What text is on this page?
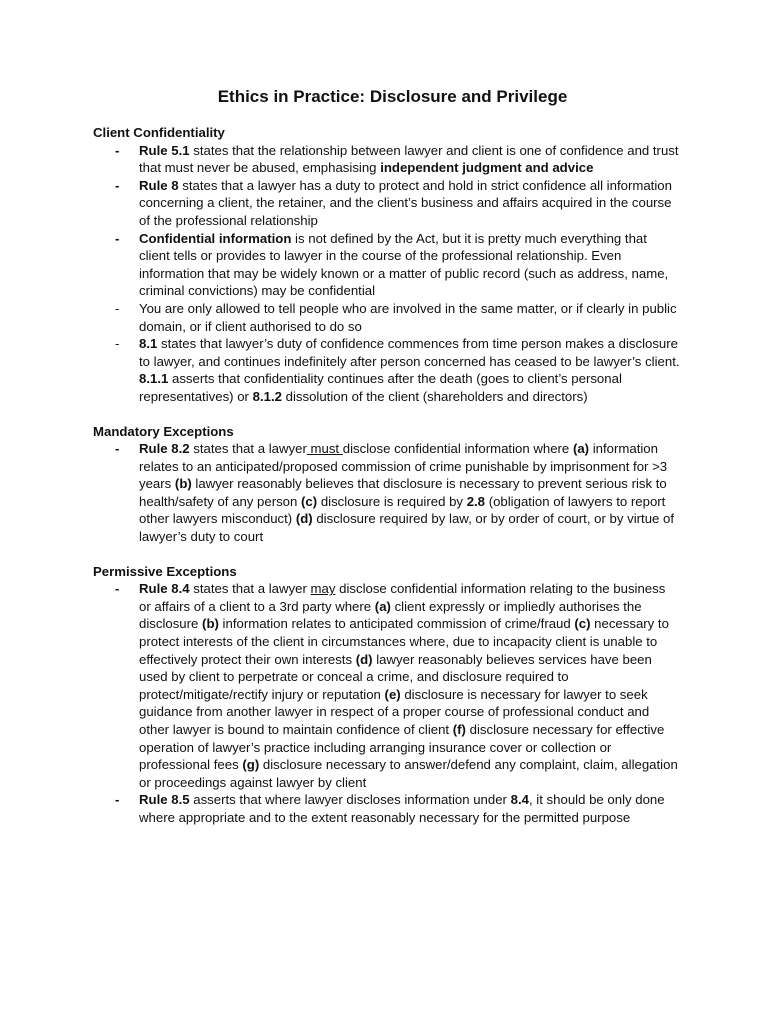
Ethics in Practice: Disclosure and Privilege

Client Confidentiality

-	Rule 5.1 states that the relationship between lawyer and client is one of confidence and trust that must never be abused, emphasising independent judgment and advice
-	Rule 8 states that a lawyer has a duty to protect and hold in strict confidence all information concerning a client, the retainer, and the client’s business and affairs acquired in the course of the professional relationship
-	Confidential information is not defined by the Act, but it is pretty much everything that client tells or provides to lawyer in the course of the professional relationship. Even information that may be widely known or a matter of public record (such as address, name, criminal convictions) may be confidential
-	You are only allowed to tell people who are involved in the same matter, or if clearly in public domain, or if client authorised to do so
-	8.1 states that lawyer’s duty of confidence commences from time person makes a disclosure to lawyer, and continues indefinitely after person concerned has ceased to be lawyer’s client. 8.1.1 asserts that confidentiality continues after the death (goes to client’s personal representatives) or 8.1.2 dissolution of the client (shareholders and directors)

Mandatory Exceptions

-	Rule 8.2 states that a lawyer must disclose confidential information where (a) information relates to an anticipated/proposed commission of crime punishable by imprisonment for >3 years (b) lawyer reasonably believes that disclosure is necessary to prevent serious risk to health/safety of any person (c) disclosure is required by 2.8 (obligation of lawyers to report other lawyers misconduct) (d) disclosure required by law, or by order of court, or by virtue of lawyer’s duty to court

Permissive Exceptions

-	Rule 8.4 states that a lawyer may disclose confidential information relating to the business or affairs of a client to a 3rd party where (a) client expressly or impliedly authorises the disclosure (b) information relates to anticipated commission of crime/fraud (c) necessary to protect interests of the client in circumstances where, due to incapacity client is unable to effectively protect their own interests (d) lawyer reasonably believes services have been used by client to perpetrate or conceal a crime, and disclosure required to protect/mitigate/rectify injury or reputation (e) disclosure is necessary for lawyer to seek guidance from another lawyer in respect of a proper course of professional conduct and other lawyer is bound to maintain confidence of client (f) disclosure necessary for effective operation of lawyer’s practice including arranging insurance cover or collection or professional fees (g) disclosure necessary to answer/defend any complaint, claim, allegation or proceedings against lawyer by client
-	Rule 8.5 asserts that where lawyer discloses information under 8.4, it should be only done where appropriate and to the extent reasonably necessary for the permitted purpose
